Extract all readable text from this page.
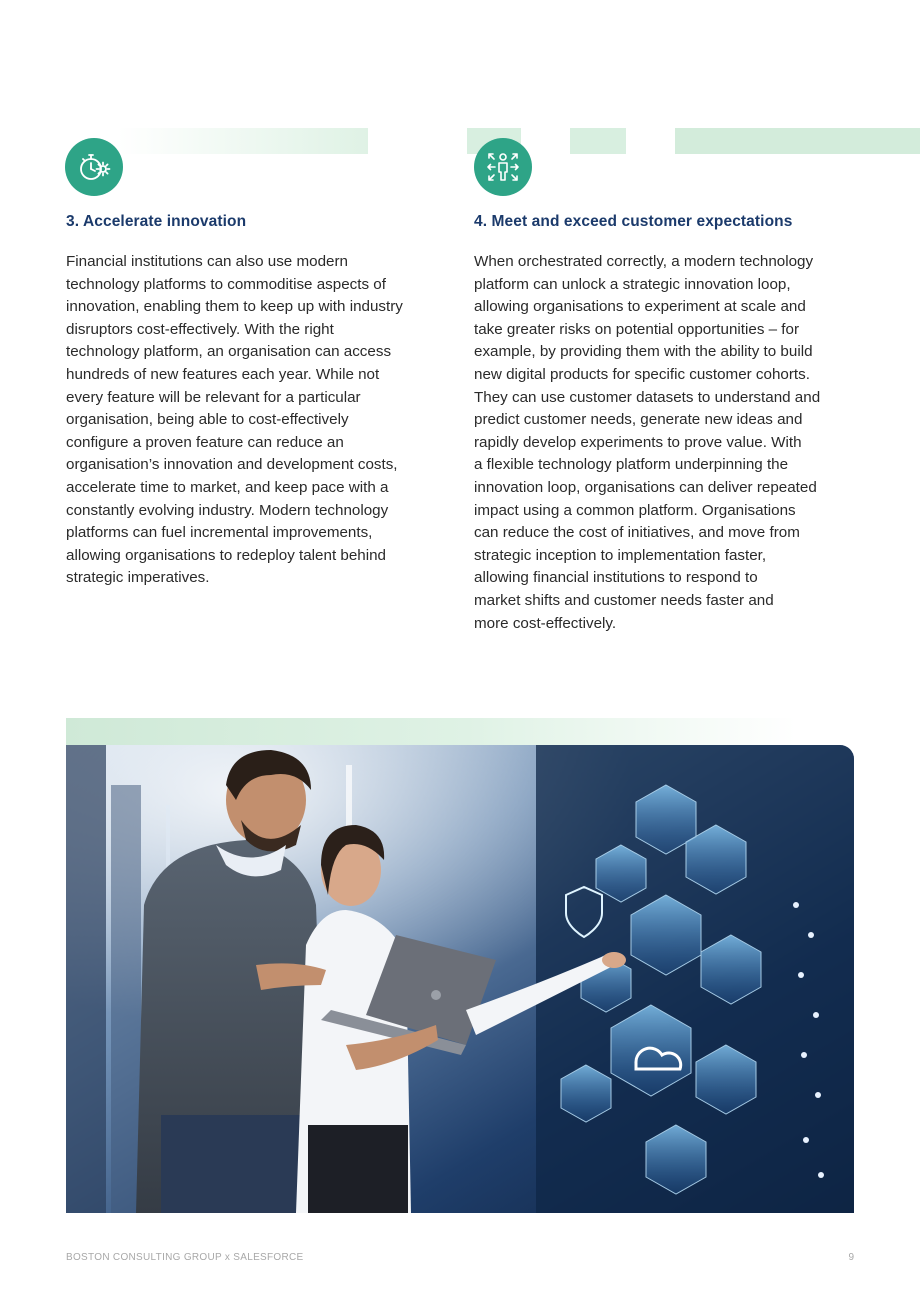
3. Accelerate innovation	4. Meet and exceed customer expectations
Financial institutions can also use modern
technology platforms to commoditise aspects of
innovation, enabling them to keep up with industry
disruptors cost-effectively. With the right
technology platform, an organisation can access
hundreds of new features each year. While not
every feature will be relevant for a particular
organisation, being able to cost-effectively
configure a proven feature can reduce an
organisation’s innovation and development costs,
accelerate time to market, and keep pace with a
constantly evolving industry. Modern technology
platforms can fuel incremental improvements,
allowing organisations to redeploy talent behind
strategic imperatives.
When orchestrated correctly, a modern technology
platform can unlock a strategic innovation loop,
allowing organisations to experiment at scale and
take greater risks on potential opportunities – for
example, by providing them with the ability to build
new digital products for specific customer cohorts.
They can use customer datasets to understand and
predict customer needs, generate new ideas and
rapidly develop experiments to prove value. With
a flexible technology platform underpinning the
innovation loop, organisations can deliver repeated
impact using a common platform. Organisations
can reduce the cost of initiatives, and move from
strategic inception to implementation faster,
allowing financial institutions to respond to
market shifts and customer needs faster and
more cost-effectively.
BOSTON CONSULTING GROUP x SALESFORCE	9
